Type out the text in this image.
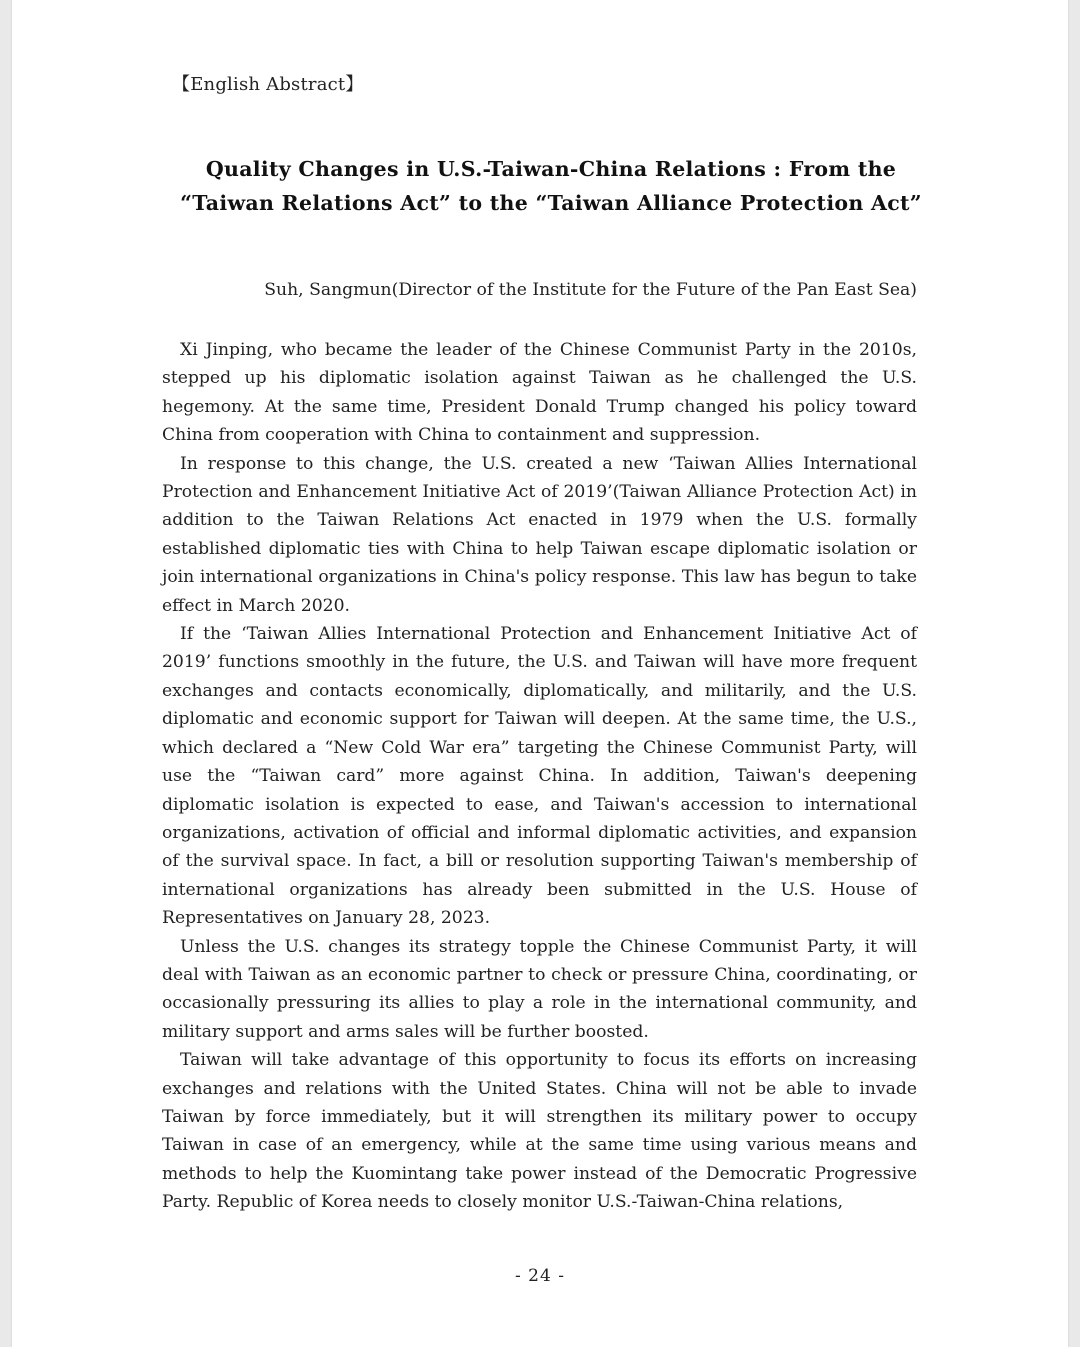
【English Abstract】
Quality Changes in U.S.-Taiwan-China Relations : From the “Taiwan Relations Act” to the “Taiwan Alliance Protection Act”
Suh, Sangmun(Director of the Institute for the Future of the Pan East Sea)

Xi Jinping, who became the leader of the Chinese Communist Party in the 2010s, stepped up his diplomatic isolation against Taiwan as he challenged the U.S. hegemony. At the same time, President Donald Trump changed his policy toward China from cooperation with China to containment and suppression.

In response to this change, the U.S. created a new ‘Taiwan Allies International Protection and Enhancement Initiative Act of 2019’(Taiwan Alliance Protection Act) in addition to the Taiwan Relations Act enacted in 1979 when the U.S. formally established diplomatic ties with China to help Taiwan escape diplomatic isolation or join international organizations in China's policy response. This law has begun to take effect in March 2020.

If the ‘Taiwan Allies International Protection and Enhancement Initiative Act of 2019’ functions smoothly in the future, the U.S. and Taiwan will have more frequent exchanges and contacts economically, diplomatically, and militarily, and the U.S. diplomatic and economic support for Taiwan will deepen. At the same time, the U.S., which declared a “New Cold War era” targeting the Chinese Communist Party, will use the “Taiwan card” more against China. In addition, Taiwan's deepening diplomatic isolation is expected to ease, and Taiwan's accession to international organizations, activation of official and informal diplomatic activities, and expansion of the survival space. In fact, a bill or resolution supporting Taiwan's membership of international organizations has already been submitted in the U.S. House of Representatives on January 28, 2023.

Unless the U.S. changes its strategy topple the Chinese Communist Party, it will deal with Taiwan as an economic partner to check or pressure China, coordinating, or occasionally pressuring its allies to play a role in the international community, and military support and arms sales will be further boosted.

Taiwan will take advantage of this opportunity to focus its efforts on increasing exchanges and relations with the United States. China will not be able to invade Taiwan by force immediately, but it will strengthen its military power to occupy Taiwan in case of an emergency, while at the same time using various means and methods to help the Kuomintang take power instead of the Democratic Progressive Party. Republic of Korea needs to closely monitor U.S.-Taiwan-China relations,

- 24 -
